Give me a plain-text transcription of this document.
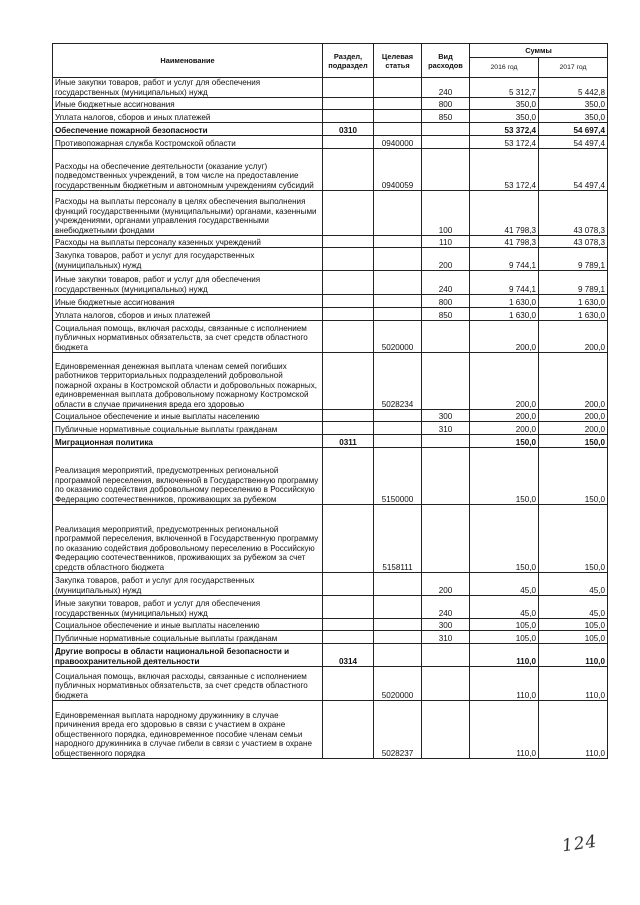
Наименование	Раздел, подраздел	Целевая статья	Вид расходов	Суммы	
				2016 год	2017 год
Иные закупки товаров, работ и услуг для обеспечения государственных (муниципальных) нужд			240	5 312,7	5 442,8
Иные бюджетные ассигнования			800	350,0	350,0
Уплата налогов, сборов и иных платежей			850	350,0	350,0
Обеспечение пожарной безопасности	0310			53 372,4	54 697,4
Противопожарная служба Костромской области		0940000		53 172,4	54 497,4
Расходы на обеспечение деятельности (оказание услуг) подведомственных учреждений, в том числе на предоставление государственным бюджетным и автономным учреждениям субсидий		0940059		53 172,4	54 497,4
Расходы на выплаты персоналу в целях обеспечения выполнения функций государственными (муниципальными) органами, казенными учреждениями, органами управления государственными внебюджетными фондами			100	41 798,3	43 078,3
Расходы на выплаты персоналу казенных учреждений			110	41 798,3	43 078,3
Закупка товаров, работ и услуг для государственных (муниципальных) нужд			200	9 744,1	9 789,1
Иные закупки товаров, работ и услуг для обеспечения государственных (муниципальных) нужд			240	9 744,1	9 789,1
Иные бюджетные ассигнования			800	1 630,0	1 630,0
Уплата налогов, сборов и иных платежей			850	1 630,0	1 630,0
Социальная помощь, включая расходы, связанные с исполнением публичных нормативных обязательств, за счет средств областного бюджета		5020000		200,0	200,0
Единовременная денежная выплата членам семей погибших работников территориальных подразделений добровольной пожарной охраны в Костромской области и добровольных пожарных, единовременная выплата добровольному пожарному Костромской области в случае причинения вреда его здоровью		5028234		200,0	200,0
Социальное обеспечение и иные выплаты населению			300	200,0	200,0
Публичные нормативные социальные выплаты гражданам			310	200,0	200,0
Миграционная политика	0311			150,0	150,0
Реализация мероприятий, предусмотренных региональной программой переселения, включенной в Государственную программу по оказанию содействия добровольному переселению в Российскую Федерацию соотечественников, проживающих за рубежом		5150000		150,0	150,0
Реализация мероприятий, предусмотренных региональной программой переселения, включенной в Государственную программу по оказанию содействия добровольному переселению в Российскую Федерацию соотечественников, проживающих за рубежом за счет средств областного бюджета		5158111		150,0	150,0
Закупка товаров, работ и услуг для государственных (муниципальных) нужд			200	45,0	45,0
Иные закупки товаров, работ и услуг для обеспечения государственных (муниципальных) нужд			240	45,0	45,0
Социальное обеспечение и иные выплаты населению			300	105,0	105,0
Публичные нормативные социальные выплаты гражданам			310	105,0	105,0
Другие вопросы в области национальной безопасности и правоохранительной деятельности	0314			110,0	110,0
Социальная помощь, включая расходы, связанные с исполнением публичных нормативных обязательств, за счет средств областного бюджета		5020000		110,0	110,0
Единовременная выплата народному дружиннику в случае причинения вреда его здоровью в связи с участием в охране общественного порядка, единовременное пособие членам семьи народного дружинника в случае гибели в связи с участием в охране общественного порядка		5028237		110,0	110,0
124
